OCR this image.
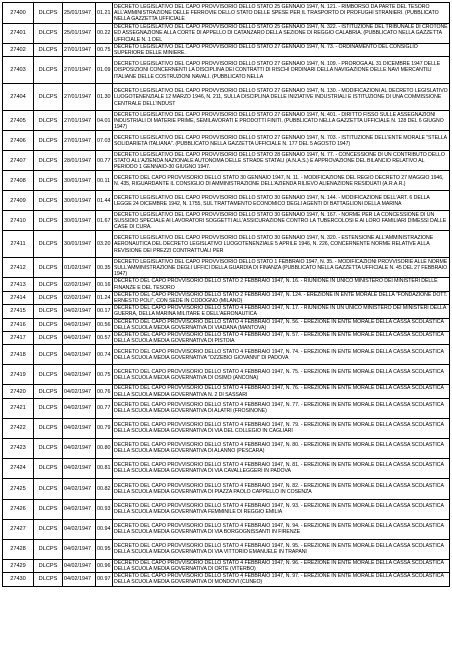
27400	DLCPS	25/01/1947	01.21	DECRETO LEGISLATIVO DEL CAPO PROVVISORIO DELLO STATO 25 GENNAIO 1947, N. 121. - RIMBORSO DA PARTE DEL TESORO ALL'AMMINISTRAZIONE DELLE FERROVIE DELLO STATO DELLE SPESE PER IL TRASPORTO DI PROFUGHI STRANIERI. (PUBBLICATO NELLA GAZZETTA UFFICIALE
27401	DLCPS	25/01/1947	00.22	DECRETO LEGISLATIVO DEL CAPO PROVVISORIO DELLO STATO 25 GENNAIO 1947, N. 322. - ISTITUZIONE DEL TRIBUNALE DI CROTONE ED ASSEGNAZIONE ALLA CORTE DI APPELLO DI CATANZARO DELLA SEZIONE DI REGGIO CALABRIA. (PUBBLICATO NELLA GAZZETTA UFFICIALE N. 1 DEL
27402	DLCPS	27/01/1947	00.75	DECRETO LEGISLATIVO DEL CAPO PROVVISORIO DELLO STATO 27 GENNAIO 1947, N. 73. - ORDINAMENTO DEL CONSIGLIO SUPERIORE DELLE MINIERE.
27403	DLCPS	27/01/1947	01.09	DECRETO LEGISLATIVO DEL CAPO PROVVISORIO DELLO STATO 27 GENNAIO 1947, N. 109. - PROROGA AL 31 DICEMBRE 1947 DELLE DISPOSIZIONI CONCERNENTI LA DISCIPLINA DEI CONTRATTI DI RISCHI ORDINARI DELLA NAVIGAZIONE DELLE NAVI MERCANTILI ITALIANE DELLE COSTRUZIONI NAVALI. (PUBBLICATO NELLA
27404	DLCPS	27/01/1947	01.30	DECRETO LEGISLATIVO DEL CAPO PROVVISORIO DELLO STATO 27 GENNAIO 1947, N. 130. - MODIFICAZIONI AL DECRETO LEGISLATIVO LUOGOTENENZIALE 12 MARZO 1946, N. 211, SULLA DISCIPLINA DELLE INIZIATIVE INDUSTRIALI E ISTITUZIONE DI UNA COMMISSIONE CENTRALE DELL'INDUST
27405	DLCPS	27/01/1947	04.01	DECRETO LEGISLATIVO DEL CAPO PROVVISORIO DELLO STATO 27 GENNAIO 1947, N. 401. - DIRITTO FISSO SULLE ASSEGNAZIONI INDUSTRIALI DI MATERIE PRIME, SEMILAVORATI E PRODOTTI FINITI. (PUBBLICATO NELLA GAZZETTA UFFICIALE N. 128 DEL 6 GIUGNO 1947)
27406	DLCPS	27/01/1947	07.03	DECRETO LEGISLATIVO DEL CAPO PROVVISORIO DELLO STATO 27 GENNAIO 1947, N. 703. - ISTITUZIONE DELL'ENTE MORALE "STELLA SOLIDARIETA ITALIANA". (PUBBLICATO NELLA GAZZETTA UFFICIALE N. 177 DEL 5 AGOSTO 1947)
27407	DLCPS	28/01/1947	00.77	DECRETO LEGISLATIVO DEL CAPO PROVVISORIO DELLO STATO 28 GENNAIO 1947, N. 77. - CONCESSIONE DI UN CONTRIBUTO DELLO STATO ALL'AZIENDA NAZIONALE AUTONOMA DELLE STRADE STATALI (A.N.A.S.) E APPROVAZIONE DEL BILANCIO RELATIVO AL PERIODO 1 GENNAIO-30 GIUGNO 1947.
27408	DLCPS	30/01/1947	00.11	DECRETO DEL CAPO PROVVISORIO DELLO STATO 30 GENNAIO 1947, N. 11. - MODIFICAZIONE DEL REGIO DECRETO 27 MAGGIO 1946, N. 435, RIGUARDANTE IL CONSIGLIO DI AMMINISTRAZIONE DELL'AZIENDA RILIEVO ALIENAZIONE RESIDUATI (A.R.A.R.)
27409	DLCPS	30/01/1947	01.44	DECRETO LEGISLATIVO DEL CAPO PROVVISORIO DELLO STATO 30 GENNAIO 1947, N. 144. - MODIFICAZIONE DELL'ART. 6 DELLA LEGGE 24 DICEMBRE 1942, N. 1755, SUL TRATTAMENTO ECONOMICO DEGLI AGENTI DI BATTAGLIONI DELLA MARINA
27410	DLCPS	30/01/1947	01.67	DECRETO LEGISLATIVO DEL CAPO PROVVISORIO DELLO STATO 30 GENNAIO 1947, N. 167. - NORME PER LA CONCESSIONE DI UN SUSSIDIO SPECIALE AI LAVORATORI SOGGETTI ALL'ASSICURAZIONE CONTRO LA TUBERCOLOSI E AI LORO FAMILIARI DIMESSI DALLE CASE DI CURA.
27411	DLCPS	30/01/1947	03.20	DECRETO LEGISLATIVO DEL CAPO PROVVISORIO DELLO STATO 30 GENNAIO 1947, N. 320. - ESTENSIONE ALL'AMMINISTRAZIONE AERONAUTICA DEL DECRETO LEGISLATIVO LUOGOTENENZIALE 5 APRILE 1946, N. 226, CONCERNENTE NORME RELATIVE ALLA REVISIONE DEI PREZZI CONTRATTUALI PER
27412	DLCPS	01/02/1947	00.35	DECRETO LEGISLATIVO DEL CAPO PROVVISORIO DELLO STATO 1 FEBBRAIO 1947, N. 35. - MODIFICAZIONI PROVVISORIE ALLE NORME SULL'AMMINISTRAZIONE DEGLI UFFICI DELLA GUARDIA DI FINANZA (PUBBLICATO NELLA GAZZETTA UFFICIALE N. 45 DEL 27 FEBBRAIO 1947)
27413	DLCPS	02/02/1947	00.16	DECRETO DEL CAPO PROVVISORIO DELLO STATO 2 FEBBRAIO 1947, N. 16. - RIUNIONE IN UNICO MINISTERO DEI MINISTERI DELLE FINANZE E DEL TESORO
27414	DLCPS	02/02/1947	01.24	DECRETO DEL CAPO PROVVISORIO DELLO STATO 2 FEBBRAIO 1947, N. 124. - EREZIONE IN ENTE MORALE DELLA "FONDAZIONE DOTT. ERNESTO POLI", CON SEDE IN CODOGNO (MILANO)
27415	DLCPS	04/02/1947	00.17	DECRETO DEL CAPO PROVVISORIO DELLO STATO 4 FEBBRAIO 1947, N. 17. - RIUNIONE IN UN UNICO MINISTERO DEI MINISTERI DELLA GUERRA, DELLA MARINA MILITARE E DELL'AERONAUTICA
27416	DLCPS	04/02/1947	00.56	DECRETO DEL CAPO PROVVISORIO DELLO STATO 4 FEBBRAIO 1947, N. 56. - EREZIONE IN ENTE MORALE DELLA CASSA SCOLASTICA DELLA SCUOLA MEDIA GOVERNATIVA DI VIADANA (MANTOVA)
27417	DLCPS	04/02/1947	00.57	DECRETO DEL CAPO PROVVISORIO DELLO STATO 4 FEBBRAIO 1947, N. 57. - EREZIONE IN ENTE MORALE DELLA CASSA SCOLASTICA DELLA SCUOLA MEDIA GOVERNATIVA DI PISTOIA
27418	DLCPS	04/02/1947	00.74	DECRETO DEL CAPO PROVVISORIO DELLO STATO 4 FEBBRAIO 1947, N. 74. - EREZIONE IN ENTE MORALE DELLA CASSA SCOLASTICA DELLA SCUOLA MEDIA GOVERNATIVA "OZZEBIO GIOVANNI" DI PADOVA
27419	DLCPS	04/02/1947	00.75	DECRETO DEL CAPO PROVVISORIO DELLO STATO 4 FEBBRAIO 1947, N. 75. - EREZIONE IN ENTE MORALE DELLA CASSA SCOLASTICA DELLA SCUOLA MEDIA GOVERNATIVA DI OSIMO (ANCONA)
27420	DLCPS	04/02/1947	00.76	DECRETO DEL CAPO PROVVISORIO DELLO STATO 4 FEBBRAIO 1947, N. 76. - EREZIONE IN ENTE MORALE DELLA CASSA SCOLASTICA DELLA SCUOLA MEDIA GOVERNATIVA N. 2 DI SASSARI
27421	DLCPS	04/02/1947	00.77	DECRETO DEL CAPO PROVVISORIO DELLO STATO 4 FEBBRAIO 1947, N. 77. - EREZIONE IN ENTE MORALE DELLA CASSA SCOLASTICA DELLA SCUOLA MEDIA GOVERNATIVA DI ALATRI (FROSINONE)
27422	DLCPS	04/02/1947	00.79	DECRETO DEL CAPO PROVVISORIO DELLO STATO 4 FEBBRAIO 1947, N. 79. - EREZIONE IN ENTE MORALE DELLA CASSA SCOLASTICA DELLA SCUOLA MEDIA GOVERNATIVA DI VIA DEL COLLEGIO IN CAGLIARI
27423	DLCPS	04/02/1947	00.80	DECRETO DEL CAPO PROVVISORIO DELLO STATO 4 FEBBRAIO 1947, N. 80. - EREZIONE IN ENTE MORALE DELLA CASSA SCOLASTICA DELLA SCUOLA MEDIA GOVERNATIVA DI ALANNO (PESCARA)
27424	DLCPS	04/02/1947	00.81	DECRETO DEL CAPO PROVVISORIO DELLO STATO 4 FEBBRAIO 1947, N. 81. - EREZIONE IN ENTE MORALE DELLA CASSA SCOLASTICA DELLA SCUOLA MEDIA GOVERNATIVA DI VIA CAVALLEGGERI IN PADOVA
27425	DLCPS	04/02/1947	00.82	DECRETO DEL CAPO PROVVISORIO DELLO STATO 4 FEBBRAIO 1947, N. 82. - EREZIONE IN ENTE MORALE DELLA CASSA SCOLASTICA DELLA SCUOLA MEDIA GOVERNATIVA DI PIAZZA PAOLO CAPPELLO IN COSENZA
27426	DLCPS	04/02/1947	00.93	DECRETO DEL CAPO PROVVISORIO DELLO STATO 4 FEBBRAIO 1947, N. 93. - EREZIONE IN ENTE MORALE DELLA CASSA SCOLASTICA DELLA SCUOLA MEDIA GOVERNATIVA FEMMINILE DI REGGIO EMILIA
27427	DLCPS	04/02/1947	00.94	DECRETO DEL CAPO PROVVISORIO DELLO STATO 4 FEBBRAIO 1947, N. 94. - EREZIONE IN ENTE MORALE DELLA CASSA SCOLASTICA DELLA SCUOLA MEDIA GOVERNATIVA DI VIA BORGOGNISSANTI IN FIRENZE
27428	DLCPS	04/02/1947	00.95	DECRETO DEL CAPO PROVVISORIO DELLO STATO 4 FEBBRAIO 1947, N. 95. - EREZIONE IN ENTE MORALE DELLA CASSA SCOLASTICA DELLA SCUOLA MEDIA GOVERNATIVA DI VIA VITTORIO EMANUELE IN TRAPANI
27429	DLCPS	04/02/1947	00.96	DECRETO DEL CAPO PROVVISORIO DELLO STATO 4 FEBBRAIO 1947, N. 96. - EREZIONE IN ENTE MORALE DELLA CASSA SCOLASTICA DELLA SCUOLA MEDIA GOVERNATIVA DI ORTE (VITERBO)
27430	DLCPS	04/02/1947	00.97	DECRETO DEL CAPO PROVVISORIO DELLO STATO 4 FEBBRAIO 1947, N. 97. - EREZIONE IN ENTE MORALE DELLA CASSA SCOLASTICA DELLA SCUOLA MEDIA GOVERNATIVA DI MONDOVI (CUNEO)
